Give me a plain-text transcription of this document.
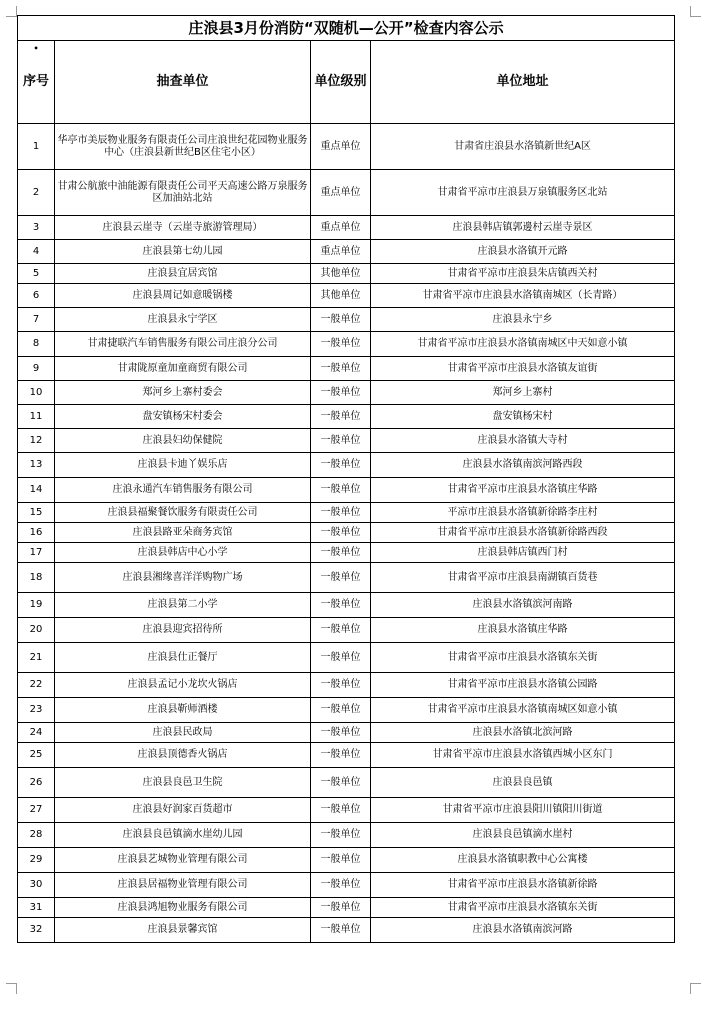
庄浪县3月份消防“双随机—公开”检查内容公示			

•
序号	抽查单位	单位级别	单位地址
1	华亭市美辰物业服务有限责任公司庄浪世纪花园物业服务中心（庄浪县新世纪B区住宅小区）	重点单位	甘肃省庄浪县水洛镇新世纪A区
2	甘肃公航旅中油能源有限责任公司平天高速公路万泉服务区加油站北站	重点单位	甘肃省平凉市庄浪县万泉镇服务区北站
3	庄浪县云崖寺（云崖寺旅游管理局）	重点单位	庄浪县韩店镇郭邊村云崖寺景区
4	庄浪县第七幼儿园	重点单位	庄浪县水洛镇开元路
5	庄浪县宜居宾馆	其他单位	甘肃省平凉市庄浪县朱店镇西关村
6	庄浪县周记如意暖锅楼	其他单位	甘肃省平凉市庄浪县水洛镇南城区（长青路）
7	庄浪县永宁学区	一般单位	庄浪县永宁乡
8	甘肃捷联汽车销售服务有限公司庄浪分公司	一般单位	甘肃省平凉市庄浪县水洛镇南城区中天如意小镇
9	甘肃陇原童加童商贸有限公司	一般单位	甘肃省平凉市庄浪县水洛镇友谊街
10	郑河乡上寨村委会	一般单位	郑河乡上寨村
11	盘安镇杨宋村委会	一般单位	盘安镇杨宋村
12	庄浪县妇幼保健院	一般单位	庄浪县水洛镇大寺村
13	庄浪县卡迪丫娱乐店	一般单位	庄浪县水洛镇南滨河路西段
14	庄浪永通汽车销售服务有限公司	一般单位	甘肃省平凉市庄浪县水洛镇庄华路
15	庄浪县福聚餐饮服务有限责任公司	一般单位	平凉市庄浪县水洛镇新徐路李庄村
16	庄浪县路亚朵商务宾馆	一般单位	甘肃省平凉市庄浪县水洛镇新徐路西段
17	庄浪县韩店中心小学	一般单位	庄浪县韩店镇西门村
18	庄浪县湘缘喜洋洋购物广场	一般单位	甘肃省平凉市庄浪县南湖镇百货巷
19	庄浪县第二小学	一般单位	庄浪县水洛镇滨河南路
20	庄浪县迎宾招待所	一般单位	庄浪县水洛镇庄华路
21	庄浪县仕正餐厅	一般单位	甘肃省平凉市庄浪县水洛镇东关街
22	庄浪县孟记小龙坎火锅店	一般单位	甘肃省平凉市庄浪县水洛镇公园路
23	庄浪县靳师酒楼	一般单位	甘肃省平凉市庄浪县水洛镇南城区如意小镇
24	庄浪县民政局	一般单位	庄浪县水洛镇北滨河路
25	庄浪县顶德香火锅店	一般单位	甘肃省平凉市庄浪县水洛镇西城小区东门
26	庄浪县良邑卫生院	一般单位	庄浪县良邑镇
27	庄浪县好润家百货超市	一般单位	甘肃省平凉市庄浪县阳川镇阳川街道
28	庄浪县良邑镇滴水崖幼儿园	一般单位	庄浪县良邑镇滴水崖村
29	庄浪县艺城物业管理有限公司	一般单位	庄浪县水洛镇职教中心公寓楼
30	庄浪县居福物业管理有限公司	一般单位	甘肃省平凉市庄浪县水洛镇新徐路
31	庄浪县鸿旭物业服务有限公司	一般单位	甘肃省平凉市庄浪县水洛镇东关街
32	庄浪县景馨宾馆	一般单位	庄浪县水洛镇南滨河路
